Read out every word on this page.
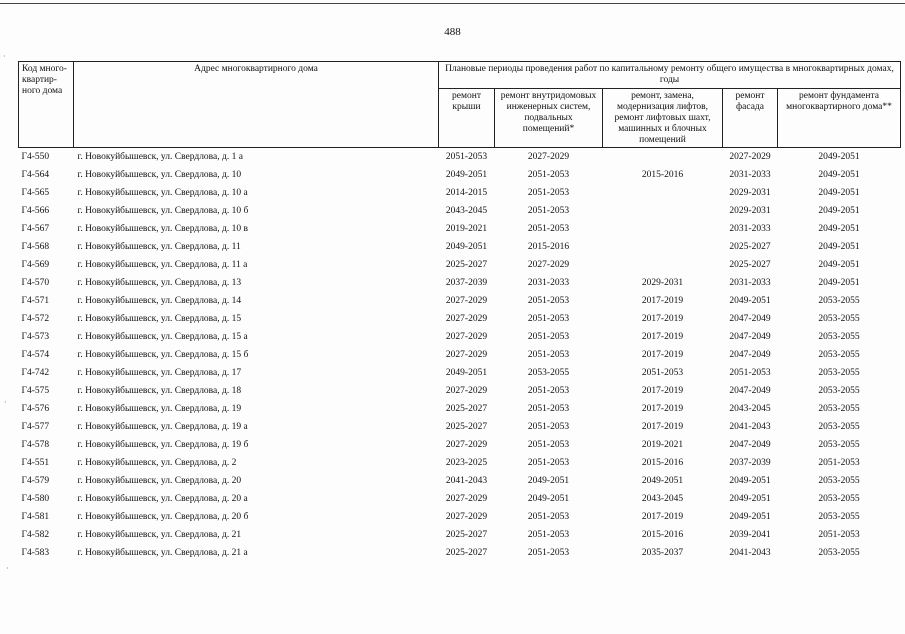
488
·
·
·
Код много-квартир-ного дома	Адрес многоквартирного дома	Плановые периоды проведения работ по капитальному ремонту общего имущества в многоквартирных домах, годы				
		ремонт крыши	ремонт внутридомовых инженерных систем, подвальных помещений*	ремонт, замена, модернизация лифтов, ремонт лифтовых шахт, машинных и блочных помещений	ремонт фасада	ремонт фундамента многоквартирного дома**
Г4-550	г. Новокуйбышевск, ул. Свердлова, д. 1 а	2051-2053	2027-2029		2027-2029	2049-2051
Г4-564	г. Новокуйбышевск, ул. Свердлова, д. 10	2049-2051	2051-2053	2015-2016	2031-2033	2049-2051
Г4-565	г. Новокуйбышевск, ул. Свердлова, д. 10 а	2014-2015	2051-2053		2029-2031	2049-2051
Г4-566	г. Новокуйбышевск, ул. Свердлова, д. 10 б	2043-2045	2051-2053		2029-2031	2049-2051
Г4-567	г. Новокуйбышевск, ул. Свердлова, д. 10 в	2019-2021	2051-2053		2031-2033	2049-2051
Г4-568	г. Новокуйбышевск, ул. Свердлова, д. 11	2049-2051	2015-2016		2025-2027	2049-2051
Г4-569	г. Новокуйбышевск, ул. Свердлова, д. 11 а	2025-2027	2027-2029		2025-2027	2049-2051
Г4-570	г. Новокуйбышевск, ул. Свердлова, д. 13	2037-2039	2031-2033	2029-2031	2031-2033	2049-2051
Г4-571	г. Новокуйбышевск, ул. Свердлова, д. 14	2027-2029	2051-2053	2017-2019	2049-2051	2053-2055
Г4-572	г. Новокуйбышевск, ул. Свердлова, д. 15	2027-2029	2051-2053	2017-2019	2047-2049	2053-2055
Г4-573	г. Новокуйбышевск, ул. Свердлова, д. 15 а	2027-2029	2051-2053	2017-2019	2047-2049	2053-2055
Г4-574	г. Новокуйбышевск, ул. Свердлова, д. 15 б	2027-2029	2051-2053	2017-2019	2047-2049	2053-2055
Г4-742	г. Новокуйбышевск, ул. Свердлова, д. 17	2049-2051	2053-2055	2051-2053	2051-2053	2053-2055
Г4-575	г. Новокуйбышевск, ул. Свердлова, д. 18	2027-2029	2051-2053	2017-2019	2047-2049	2053-2055
Г4-576	г. Новокуйбышевск, ул. Свердлова, д. 19	2025-2027	2051-2053	2017-2019	2043-2045	2053-2055
Г4-577	г. Новокуйбышевск, ул. Свердлова, д. 19 а	2025-2027	2051-2053	2017-2019	2041-2043	2053-2055
Г4-578	г. Новокуйбышевск, ул. Свердлова, д. 19 б	2027-2029	2051-2053	2019-2021	2047-2049	2053-2055
Г4-551	г. Новокуйбышевск, ул. Свердлова, д. 2	2023-2025	2051-2053	2015-2016	2037-2039	2051-2053
Г4-579	г. Новокуйбышевск, ул. Свердлова, д. 20	2041-2043	2049-2051	2049-2051	2049-2051	2053-2055
Г4-580	г. Новокуйбышевск, ул. Свердлова, д. 20 а	2027-2029	2049-2051	2043-2045	2049-2051	2053-2055
Г4-581	г. Новокуйбышевск, ул. Свердлова, д. 20 б	2027-2029	2051-2053	2017-2019	2049-2051	2053-2055
Г4-582	г. Новокуйбышевск, ул. Свердлова, д. 21	2025-2027	2051-2053	2015-2016	2039-2041	2051-2053
Г4-583	г. Новокуйбышевск, ул. Свердлова, д. 21 а	2025-2027	2051-2053	2035-2037	2041-2043	2053-2055
